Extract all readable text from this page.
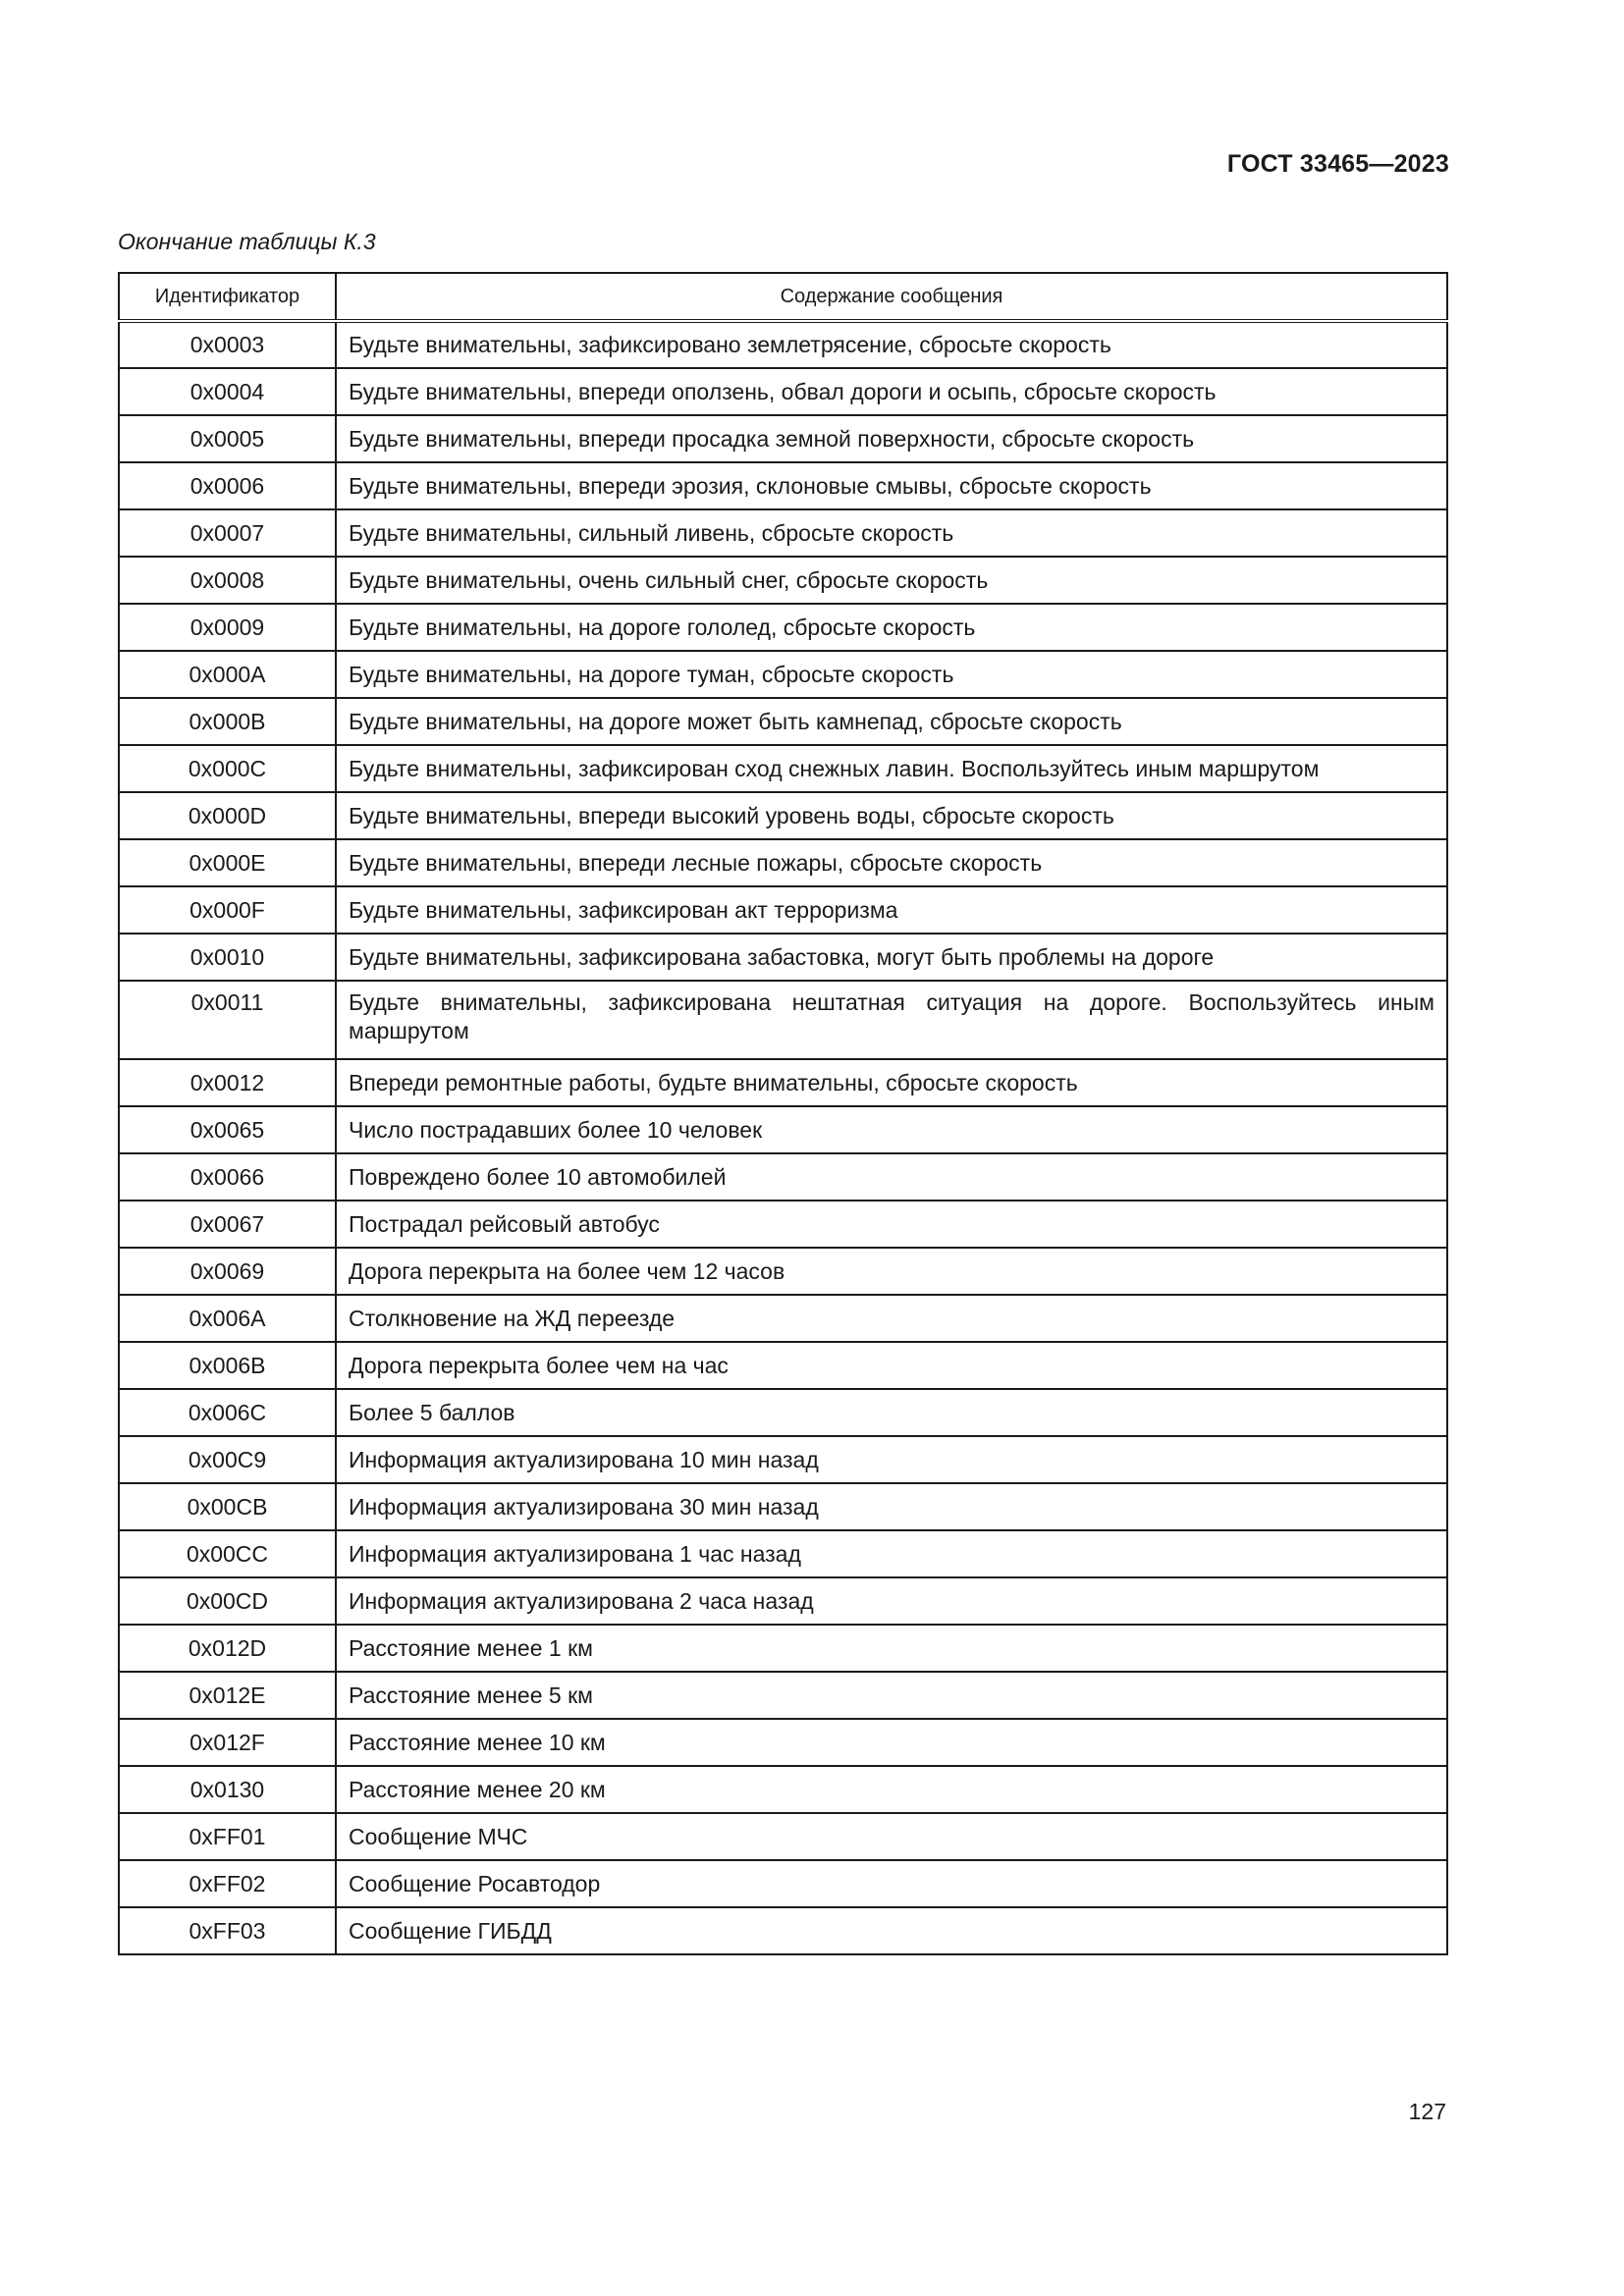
ГОСТ 33465—2023
Окончание таблицы К.3
Идентификатор	Содержание сообщения
0x0003	Будьте внимательны, зафиксировано землетрясение, сбросьте скорость
0x0004	Будьте внимательны, впереди оползень, обвал дороги и осыпь, сбросьте скорость
0x0005	Будьте внимательны, впереди просадка земной поверхности, сбросьте скорость
0x0006	Будьте внимательны, впереди эрозия, склоновые смывы, сбросьте скорость
0x0007	Будьте внимательны, сильный ливень, сбросьте скорость
0x0008	Будьте внимательны, очень сильный снег, сбросьте скорость
0x0009	Будьте внимательны, на дороге гололед, сбросьте скорость
0x000A	Будьте внимательны, на дороге туман, сбросьте скорость
0x000B	Будьте внимательны, на дороге может быть камнепад, сбросьте скорость
0x000C	Будьте внимательны, зафиксирован сход снежных лавин. Воспользуйтесь иным маршрутом
0x000D	Будьте внимательны, впереди высокий уровень воды, сбросьте скорость
0x000E	Будьте внимательны, впереди лесные пожары, сбросьте скорость
0x000F	Будьте внимательны, зафиксирован акт терроризма
0x0010	Будьте внимательны, зафиксирована забастовка, могут быть проблемы на дороге
0x0011	Будьте внимательны, зафиксирована нештатная ситуация на дороге. Воспользуйтесь иным маршрутом
0x0012	Впереди ремонтные работы, будьте внимательны, сбросьте скорость
0x0065	Число пострадавших более 10 человек
0x0066	Повреждено более 10 автомобилей
0x0067	Пострадал рейсовый автобус
0x0069	Дорога перекрыта на более чем 12 часов
0x006A	Столкновение на ЖД переезде
0x006B	Дорога перекрыта более чем на час
0x006C	Более 5 баллов
0x00C9	Информация актуализирована 10 мин назад
0x00CB	Информация актуализирована 30 мин назад
0x00CC	Информация актуализирована 1 час назад
0x00CD	Информация актуализирована 2 часа назад
0x012D	Расстояние менее 1 км
0x012E	Расстояние менее 5 км
0x012F	Расстояние менее 10 км
0x0130	Расстояние менее 20 км
0xFF01	Сообщение МЧС
0xFF02	Сообщение Росавтодор
0xFF03	Сообщение ГИБДД
127
